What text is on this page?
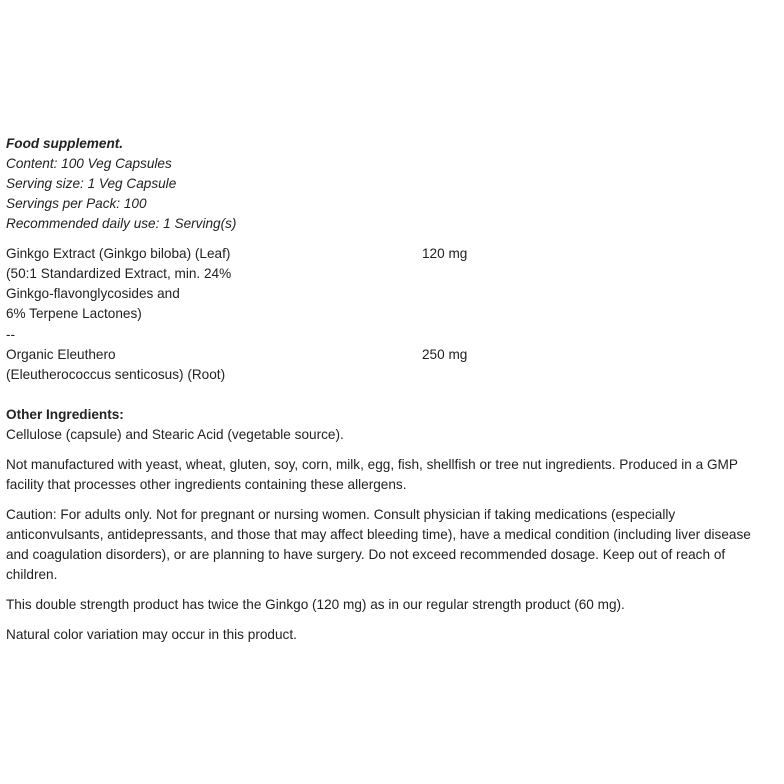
Food supplement.
Content: 100 Veg Capsules
Serving size: 1 Veg Capsule
Servings per Pack: 100
Recommended daily use: 1 Serving(s)
Ginkgo Extract (Ginkgo biloba) (Leaf)
(50:1 Standardized Extract, min. 24%
Ginkgo-flavonglycosides and
6% Terpene Lactones)
120 mg
--
Organic Eleuthero
(Eleutherococcus senticosus) (Root)
250 mg
Other Ingredients:
Cellulose (capsule) and Stearic Acid (vegetable source).
Not manufactured with yeast, wheat, gluten, soy, corn, milk, egg, fish, shellfish or tree nut ingredients. Produced in a GMP
facility that processes other ingredients containing these allergens.
Caution: For adults only. Not for pregnant or nursing women. Consult physician if taking medications (especially
anticonvulsants, antidepressants, and those that may affect bleeding time), have a medical condition (including liver disease
and coagulation disorders), or are planning to have surgery. Do not exceed recommended dosage. Keep out of reach of
children.
This double strength product has twice the Ginkgo (120 mg) as in our regular strength product (60 mg).
Natural color variation may occur in this product.
